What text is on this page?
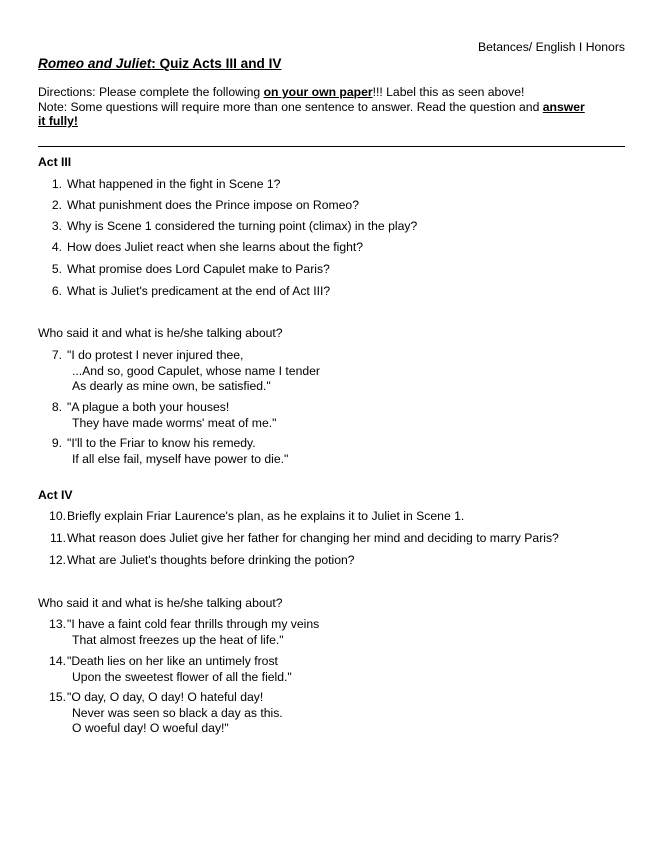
Betances/ English I Honors
Romeo and Juliet: Quiz Acts III and IV
Directions: Please complete the following on your own paper!!! Label this as seen above!
Note: Some questions will require more than one sentence to answer. Read the question and answer
it fully!
Act III
1. What happened in the fight in Scene 1?
2. What punishment does the Prince impose on Romeo?
3. Why is Scene 1 considered the turning point (climax) in the play?
4. How does Juliet react when she learns about the fight?
5. What promise does Lord Capulet make to Paris?
6. What is Juliet's predicament at the end of Act III?
Who said it and what is he/she talking about?
7. "I do protest I never injured thee,
...And so, good Capulet, whose name I tender
As dearly as mine own, be satisfied."
8. "A plague a both your houses!
They have made worms' meat of me."
9. "I'll to the Friar to know his remedy.
If all else fail, myself have power to die."
Act IV
10. Briefly explain Friar Laurence's plan, as he explains it to Juliet in Scene 1.
11. What reason does Juliet give her father for changing her mind and deciding to marry Paris?
12. What are Juliet's thoughts before drinking the potion?
Who said it and what is he/she talking about?
13. "I have a faint cold fear thrills through my veins
That almost freezes up the heat of life."
14. "Death lies on her like an untimely frost
Upon the sweetest flower of all the field."
15. "O day, O day, O day! O hateful day!
Never was seen so black a day as this.
O woeful day! O woeful day!"
